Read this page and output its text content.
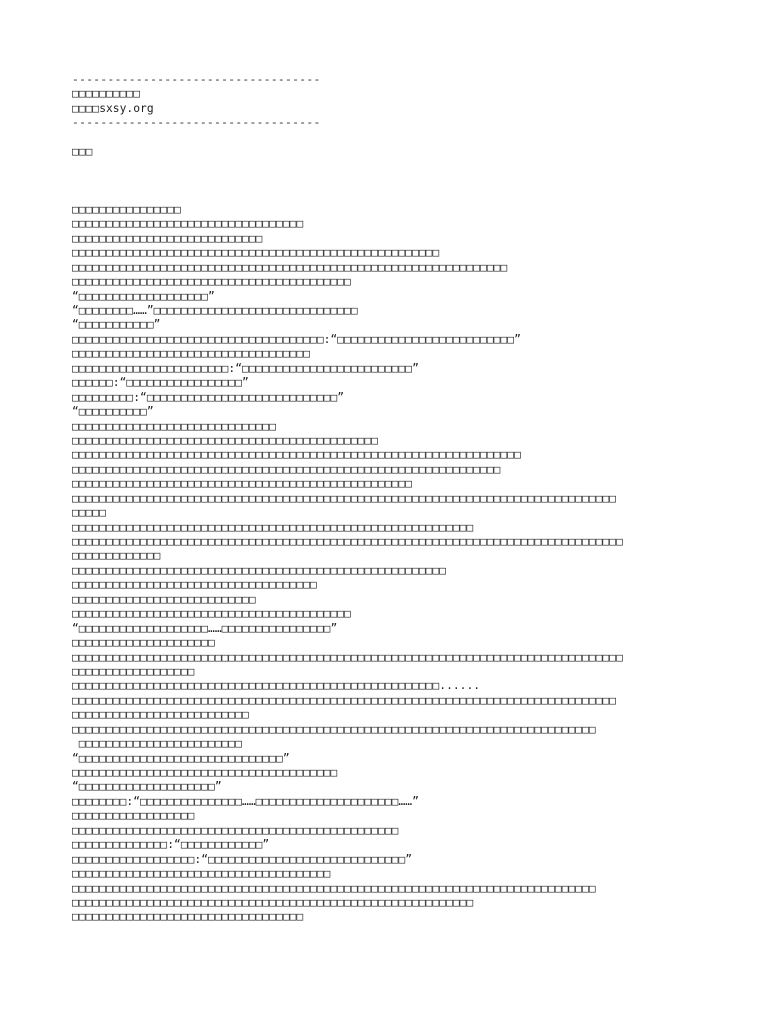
-----------------------------------
□□□□□□□□□□
□□□□sxsy.org
-----------------------------------
□□□
□□□□□□□□□□□□□□□□
□□□□□□□□□□□□□□□□□□□□□□□□□□□□□□□□□□
□□□□□□□□□□□□□□□□□□□□□□□□□□□□
□□□□□□□□□□□□□□□□□□□□□□□□□□□□□□□□□□□□□□□□□□□□□□□□□□□□□□
□□□□□□□□□□□□□□□□□□□□□□□□□□□□□□□□□□□□□□□□□□□□□□□□□□□□□□□□□□□□□□□□
□□□□□□□□□□□□□□□□□□□□□□□□□□□□□□□□□□□□□□□□□
“□□□□□□□□□□□□□□□□□□□”
“□□□□□□□□……”□□□□□□□□□□□□□□□□□□□□□□□□□□□□□□
“□□□□□□□□□□□”
□□□□□□□□□□□□□□□□□□□□□□□□□□□□□□□□□□□□□:“□□□□□□□□□□□□□□□□□□□□□□□□□□”
□□□□□□□□□□□□□□□□□□□□□□□□□□□□□□□□□□□
□□□□□□□□□□□□□□□□□□□□□□□:“□□□□□□□□□□□□□□□□□□□□□□□□□”
□□□□□□:“□□□□□□□□□□□□□□□□□”
□□□□□□□□□:“□□□□□□□□□□□□□□□□□□□□□□□□□□□□”
“□□□□□□□□□□”
□□□□□□□□□□□□□□□□□□□□□□□□□□□□□□
□□□□□□□□□□□□□□□□□□□□□□□□□□□□□□□□□□□□□□□□□□□□□
□□□□□□□□□□□□□□□□□□□□□□□□□□□□□□□□□□□□□□□□□□□□□□□□□□□□□□□□□□□□□□□□□□
□□□□□□□□□□□□□□□□□□□□□□□□□□□□□□□□□□□□□□□□□□□□□□□□□□□□□□□□□□□□□□□
□□□□□□□□□□□□□□□□□□□□□□□□□□□□□□□□□□□□□□□□□□□□□□□□□□
□□□□□□□□□□□□□□□□□□□□□□□□□□□□□□□□□□□□□□□□□□□□□□□□□□□□□□□□□□□□□□□□□□□□□□□□□□□□□□□□
□□□□□
□□□□□□□□□□□□□□□□□□□□□□□□□□□□□□□□□□□□□□□□□□□□□□□□□□□□□□□□□□□
□□□□□□□□□□□□□□□□□□□□□□□□□□□□□□□□□□□□□□□□□□□□□□□□□□□□□□□□□□□□□□□□□□□□□□□□□□□□□□□□□
□□□□□□□□□□□□□
□□□□□□□□□□□□□□□□□□□□□□□□□□□□□□□□□□□□□□□□□□□□□□□□□□□□□□□
□□□□□□□□□□□□□□□□□□□□□□□□□□□□□□□□□□□□
□□□□□□□□□□□□□□□□□□□□□□□□□□□
□□□□□□□□□□□□□□□□□□□□□□□□□□□□□□□□□□□□□□□□□
“□□□□□□□□□□□□□□□□□□□……□□□□□□□□□□□□□□□□”
□□□□□□□□□□□□□□□□□□□□□
□□□□□□□□□□□□□□□□□□□□□□□□□□□□□□□□□□□□□□□□□□□□□□□□□□□□□□□□□□□□□□□□□□□□□□□□□□□□□□□□□
□□□□□□□□□□□□□□□□□□
□□□□□□□□□□□□□□□□□□□□□□□□□□□□□□□□□□□□□□□□□□□□□□□□□□□□□□......
□□□□□□□□□□□□□□□□□□□□□□□□□□□□□□□□□□□□□□□□□□□□□□□□□□□□□□□□□□□□□□□□□□□□□□□□□□□□□□□□
□□□□□□□□□□□□□□□□□□□□□□□□□□
□□□□□□□□□□□□□□□□□□□□□□□□□□□□□□□□□□□□□□□□□□□□□□□□□□□□□□□□□□□□□□□□□□□□□□□□□□□□□
□□□□□□□□□□□□□□□□□□□□□□□□
“□□□□□□□□□□□□□□□□□□□□□□□□□□□□□□”
□□□□□□□□□□□□□□□□□□□□□□□□□□□□□□□□□□□□□□□
“□□□□□□□□□□□□□□□□□□□□”
□□□□□□□□:“□□□□□□□□□□□□□□□……□□□□□□□□□□□□□□□□□□□□□……”
□□□□□□□□□□□□□□□□□□
□□□□□□□□□□□□□□□□□□□□□□□□□□□□□□□□□□□□□□□□□□□□□□□□
□□□□□□□□□□□□□□:“□□□□□□□□□□□□”
□□□□□□□□□□□□□□□□□□:“□□□□□□□□□□□□□□□□□□□□□□□□□□□□□”
□□□□□□□□□□□□□□□□□□□□□□□□□□□□□□□□□□□□□□
□□□□□□□□□□□□□□□□□□□□□□□□□□□□□□□□□□□□□□□□□□□□□□□□□□□□□□□□□□□□□□□□□□□□□□□□□□□□□
□□□□□□□□□□□□□□□□□□□□□□□□□□□□□□□□□□□□□□□□□□□□□□□□□□□□□□□□□□□
□□□□□□□□□□□□□□□□□□□□□□□□□□□□□□□□□□
